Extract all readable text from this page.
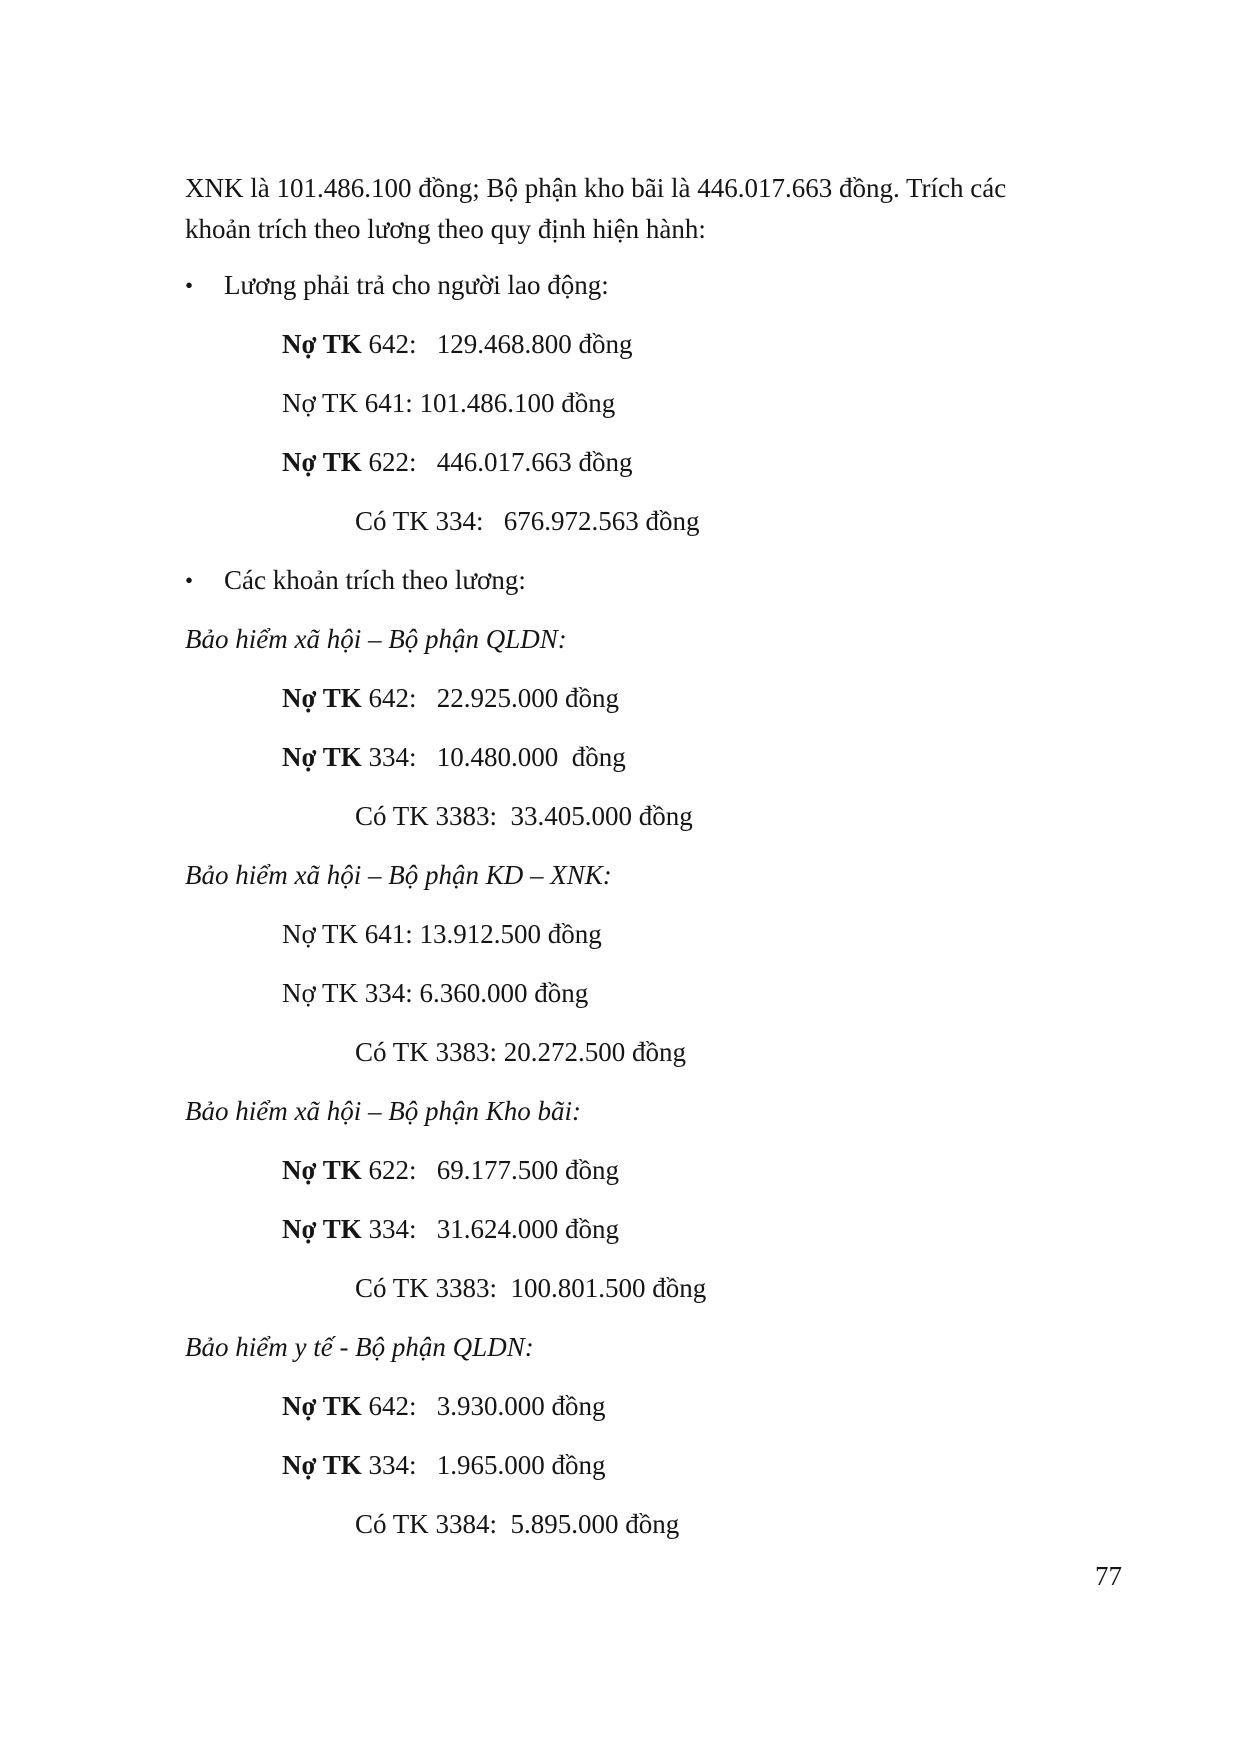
XNK là 101.486.100 đồng; Bộ phận kho bãi là 446.017.663 đồng. Trích các khoản trích theo lương theo quy định hiện hành:

•	Lương phải trả cho người lao động:
Nợ TK 642:   129.468.800 đồng
Nợ TK 641: 101.486.100 đồng
Nợ TK 622:   446.017.663 đồng
Có TK 334:   676.972.563 đồng
•	Các khoản trích theo lương:
Bảo hiểm xã hội – Bộ phận QLDN:
Nợ TK 642:   22.925.000 đồng
Nợ TK 334:   10.480.000  đồng
Có TK 3383:  33.405.000 đồng
Bảo hiểm xã hội – Bộ phận KD – XNK:
Nợ TK 641: 13.912.500 đồng
Nợ TK 334: 6.360.000 đồng
Có TK 3383: 20.272.500 đồng
Bảo hiểm xã hội – Bộ phận Kho bãi:
Nợ TK 622:   69.177.500 đồng
Nợ TK 334:   31.624.000 đồng
Có TK 3383:  100.801.500 đồng
Bảo hiểm y tế - Bộ phận QLDN:
Nợ TK 642:   3.930.000 đồng
Nợ TK 334:   1.965.000 đồng
Có TK 3384:  5.895.000 đồng
77
